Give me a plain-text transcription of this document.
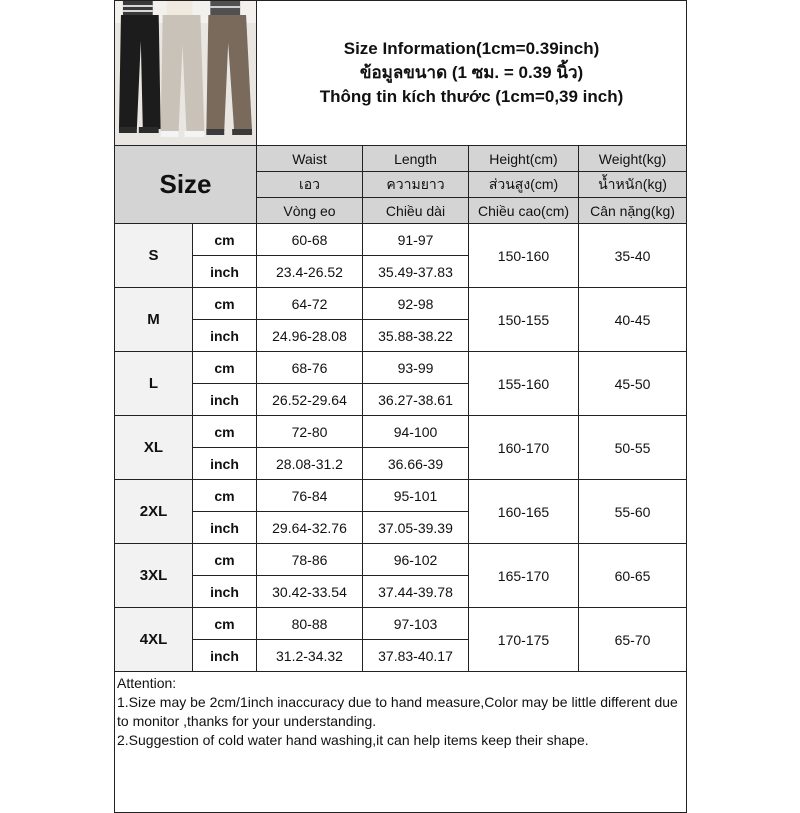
Size Information(1cm=0.39inch)
ข้อมูลขนาด (1 ซม. = 0.39 นิ้ว)
Thông tin kích thước (1cm=0,39 inch)			

Size		Waist	Length	Height(cm)	Weight(kg)
		เอว	ความยาว	ส่วนสูง(cm)	น้ำหนัก(kg)
		Vòng eo	Chiều dài	Chiều cao(cm)	Cân nặng(kg)
S	cm	60-68	91-97	150-160	35-40
	inch	23.4-26.52	35.49-37.83		
M	cm	64-72	92-98	150-155	40-45
	inch	24.96-28.08	35.88-38.22		
L	cm	68-76	93-99	155-160	45-50
	inch	26.52-29.64	36.27-38.61		
XL	cm	72-80	94-100	160-170	50-55
	inch	28.08-31.2	36.66-39		
2XL	cm	76-84	95-101	160-165	55-60
	inch	29.64-32.76	37.05-39.39		
3XL	cm	78-86	96-102	165-170	60-65
	inch	30.42-33.54	37.44-39.78		
4XL	cm	80-88	97-103	170-175	65-70
	inch	31.2-34.32	37.83-40.17		

Attention:
1.Size may be 2cm/1inch inaccuracy due to hand measure,Color may be little different due to monitor ,thanks for your understanding.
2.Suggestion of cold water hand washing,it can help items keep their shape.					
